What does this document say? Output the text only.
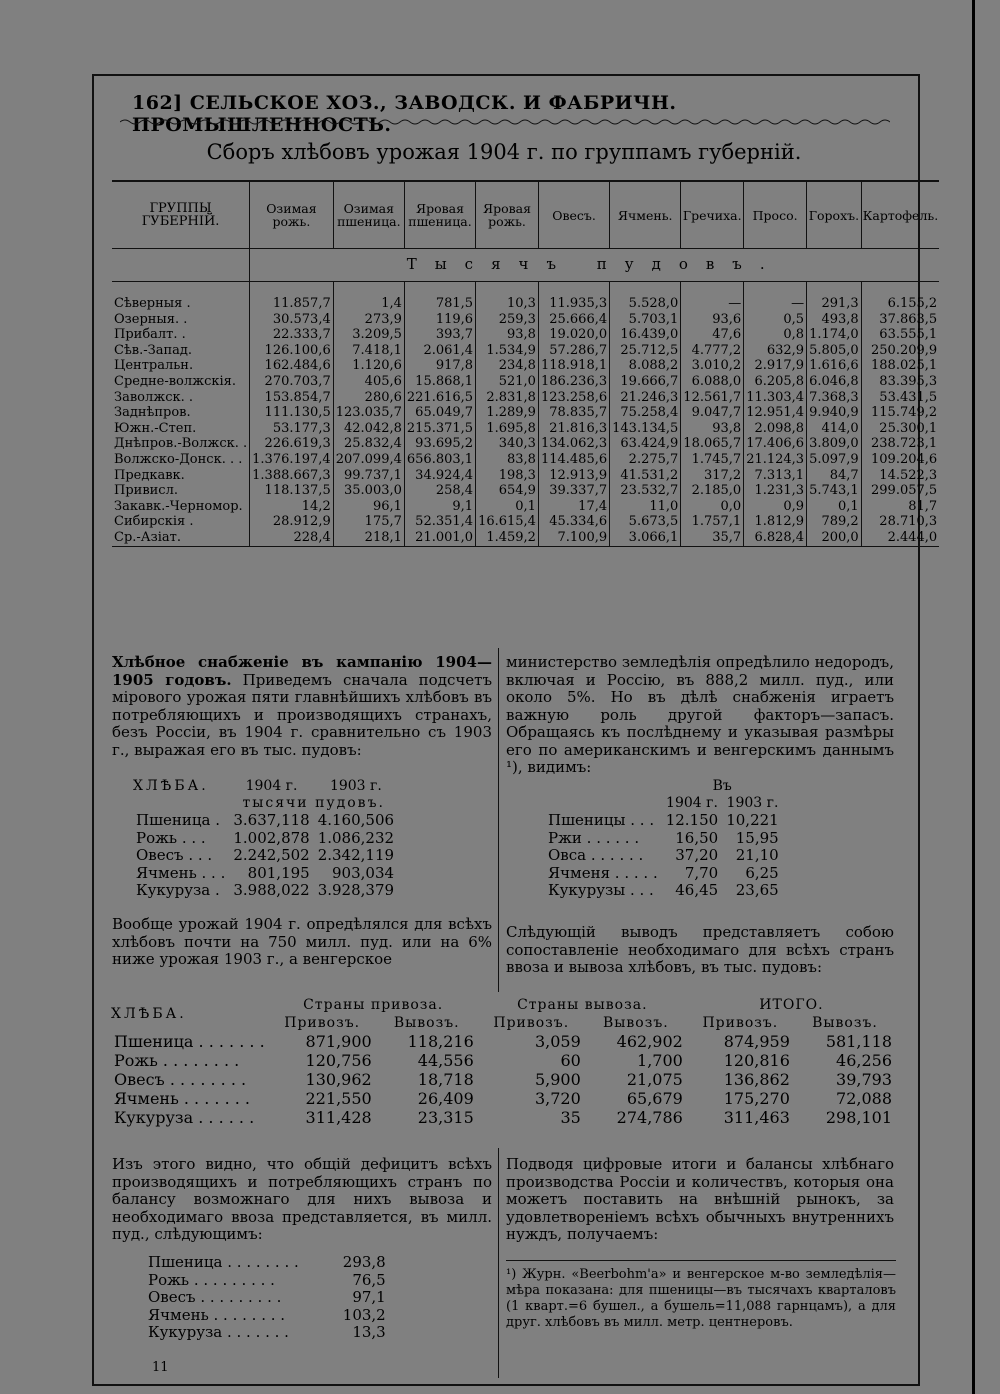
162] СЕЛЬСКОЕ ХОЗ., ЗАВОДСК. И ФАБРИЧН. ПРОМЫШЛЕННОСТЬ.
Сборъ хлѣбовъ урожая 1904 г. по группамъ губерній.
ГРУППЫ ГУБЕРНІЙ.	Озимая рожь.	Озимая пшеница.	Яровая пшеница.	Яровая рожь.	Овесъ.	Ячмень.	Гречиха.	Просо.	Горохъ.	Картофель.
	Тысячъ пудовъ.									

Сѣверныя .	11.857,7	1,4	781,5	10,3	11.935,3	5.528,0	—	—	291,3	6.155,2
Озерныя. .	30.573,4	273,9	119,6	259,3	25.666,4	5.703,1	93,6	0,5	493,8	37.863,5
Прибалт. .	22.333,7	3.209,5	393,7	93,8	19.020,0	16.439,0	47,6	0,8	1.174,0	63.555,1
Сѣв.-Запад.	126.100,6	7.418,1	2.061,4	1.534,9	57.286,7	25.712,5	4.777,2	632,9	5.805,0	250.209,9
Центральн.	162.484,6	1.120,6	917,8	234,8	118.918,1	8.088,2	3.010,2	2.917,9	1.616,6	188.025,1
Средне-волжскія.	270.703,7	405,6	15.868,1	521,0	186.236,3	19.666,7	6.088,0	6.205,8	6.046,8	83.395,3
Заволжск. .	153.854,7	280,6	221.616,5	2.831,8	123.258,6	21.246,3	12.561,7	11.303,4	7.368,3	53.431,5
Заднѣпров.	111.130,5	123.035,7	65.049,7	1.289,9	78.835,7	75.258,4	9.047,7	12.951,4	9.940,9	115.749,2
Южн.-Степ.	53.177,3	42.042,8	215.371,5	1.695,8	21.816,3	143.134,5	93,8	2.098,8	414,0	25.300,1
Днѣпров.-Волжск. .	226.619,3	25.832,4	93.695,2	340,3	134.062,3	63.424,9	18.065,7	17.406,6	3.809,0	238.723,1
Волжско-Донск. . .	1.376.197,4	207.099,4	656.803,1	83,8	114.485,6	2.275,7	1.745,7	21.124,3	5.097,9	109.204,6
Предкавк.	1.388.667,3	99.737,1	34.924,4	198,3	12.913,9	41.531,2	317,2	7.313,1	84,7	14.522,3
Привисл.	118.137,5	35.003,0	258,4	654,9	39.337,7	23.532,7	2.185,0	1.231,3	5.743,1	299.057,5
Закавк.-Черномор.	14,2	96,1	9,1	0,1	17,4	11,0	0,0	0,9	0,1	81,7
Сибирскія .	28.912,9	175,7	52.351,4	16.615,4	45.334,6	5.673,5	1.757,1	1.812,9	789,2	28.710,3
Ср.-Азіат.	228,4	218,1	21.001,0	1.459,2	7.100,9	3.066,1	35,7	6.828,4	200,0	2.444,0
Хлѣбное снабженіе въ кампанію 1904—1905 годовъ. Приведемъ сначала подсчетъ мірового урожая пяти главнѣйшихъ хлѣбовъ въ потребляющихъ и производящихъ странахъ, безъ Россіи, въ 1904 г. сравнительно съ 1903 г., выражая его въ тыс. пудовъ:
ХЛѢБА.	1904 г.	1903 г.
	тысячи пудовъ.	
Пшеница .	3.637,118	4.160,506
Рожь . . .	1.002,878	1.086,232
Овесъ . . .	2.242,502	2.342,119
Ячмень . . .	801,195	903,034
Кукуруза .	3.988,022	3.928,379
Вообще урожай 1904 г. опредѣлялся для всѣхъ хлѣбовъ почти на 750 милл. пуд. или на 6% ниже урожая 1903 г., а венгерское
министерство земледѣлія опредѣлило недородъ, включая и Россію, въ 888,2 милл. пуд., или около 5%. Но въ дѣлѣ снабженія играетъ важную роль другой факторъ—запасъ. Обращаясь къ послѣднему и указывая размѣры его по американскимъ и венгерскимъ даннымъ ¹), видимъ:
	Въ	
	1904 г.	1903 г.
Пшеницы . . .	12.150	10,221
Ржи . . . . . .	16,50	15,95
Овса . . . . . .	37,20	21,10
Ячменя . . . . .	7,70	6,25
Кукурузы . . .	46,45	23,65
Слѣдующій выводъ представляетъ собою сопоставленіе необходимаго для всѣхъ странъ ввоза и вывоза хлѣбовъ, въ тыс. пудовъ:
ХЛѢБА.	Страны привоза.		Страны вывоза.		ИТОГО.	
	Привозъ.	Вывозъ.	Привозъ.	Вывозъ.	Привозъ.	Вывозъ.
Пшеница . . . . . . .	871,900	118,216	3,059	462,902	874,959	581,118
Рожь . . . . . . . .	120,756	44,556	60	1,700	120,816	46,256
Овесъ . . . . . . . .	130,962	18,718	5,900	21,075	136,862	39,793
Ячмень . . . . . . .	221,550	26,409	3,720	65,679	175,270	72,088
Кукуруза . . . . . .	311,428	23,315	35	274,786	311,463	298,101
Изъ этого видно, что общій дефицитъ всѣхъ производящихъ и потребляющихъ странъ по балансу возможнаго для нихъ вывоза и необходимаго ввоза представляется, въ милл. пуд., слѣдующимъ:
Пшеница . . . . . . . .	293,8
Рожь . . . . . . . . .	76,5
Овесъ . . . . . . . . .	97,1
Ячмень . . . . . . . .	103,2
Кукуруза . . . . . . .	13,3
Подводя цифровые итоги и балансы хлѣбнаго производства Россіи и количествъ, которыя она можетъ поставить на внѣшній рынокъ, за удовлетвореніемъ всѣхъ обычныхъ внутреннихъ нуждъ, получаемъ:
¹) Журн. «Beerbohm'a» и венгерское м-во земледѣлія—мѣра показана: для пшеницы—въ тысячахъ кварталовъ (1 кварт.=6 бушел., а бушель=11,088 гарнцамъ), а для друг. хлѣбовъ въ милл. метр. центнеровъ.
11
